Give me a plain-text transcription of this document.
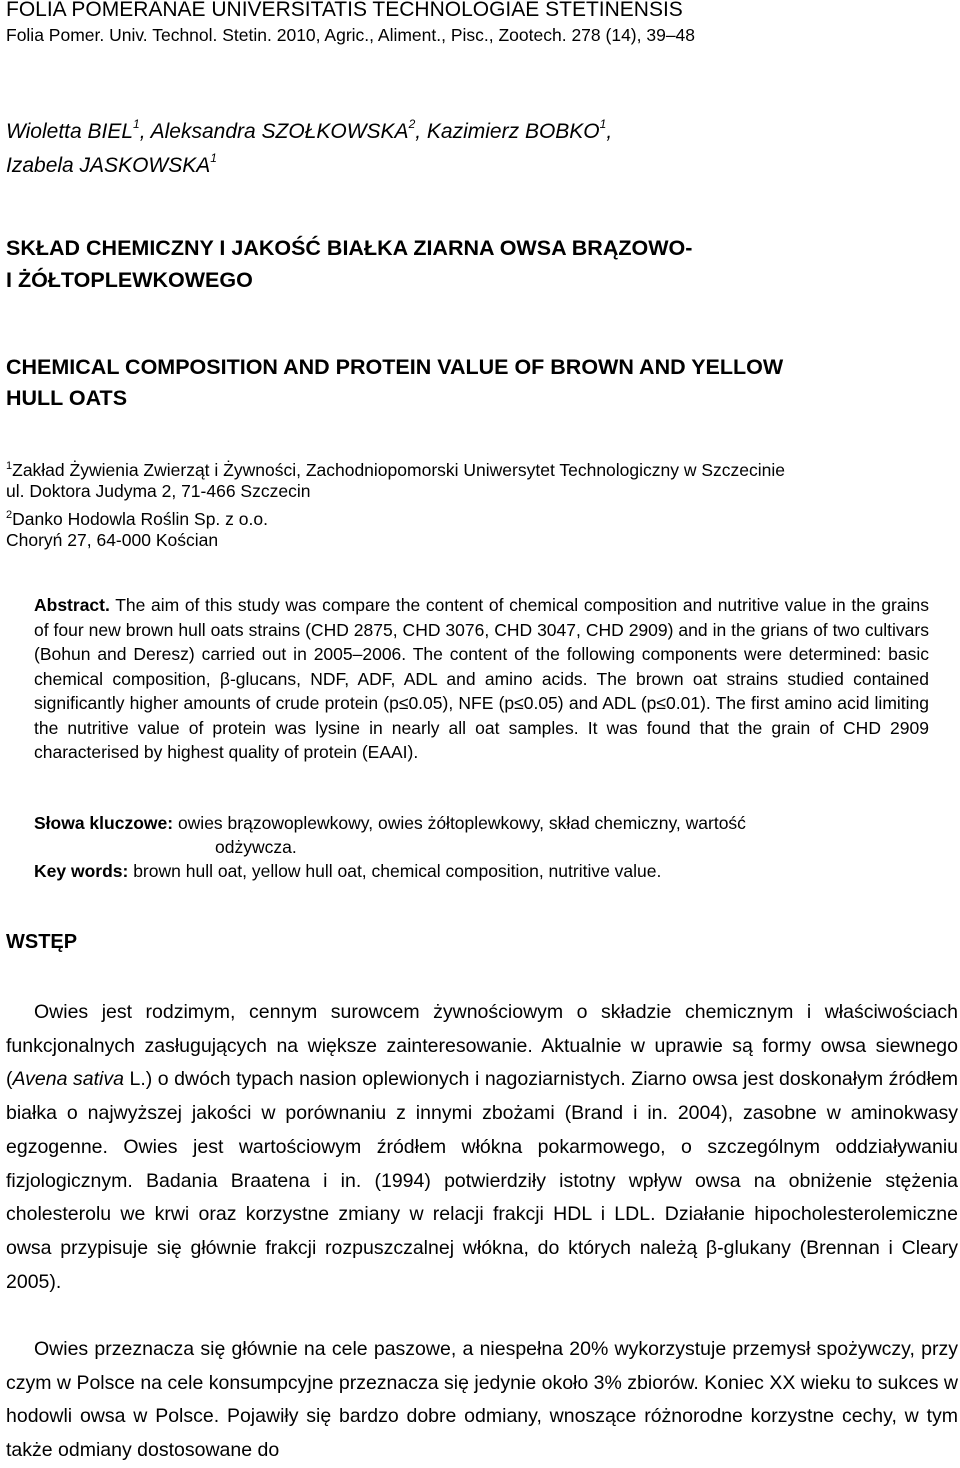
FOLIA POMERANAE UNIVERSITATIS TECHNOLOGIAE STETINENSIS
Folia Pomer. Univ. Technol. Stetin. 2010, Agric., Aliment., Pisc., Zootech. 278 (14), 39–48
Wioletta BIEL$^1$, Aleksandra SZOŁKOWSKA$^2$, Kazimierz BOBKO$^1$,
Izabela JASKOWSKA$^1$
SKŁAD CHEMICZNY I JAKOŚĆ BIAŁKA ZIARNA OWSA BRĄZOWO-
I ŻÓŁTOPLEWKOWEGO
CHEMICAL COMPOSITION AND PROTEIN VALUE OF BROWN AND YELLOW
HULL OATS
$^1$Zakład Żywienia Zwierząt i Żywności, Zachodniopomorski Uniwersytet Technologiczny w Szczecinie
ul. Doktora Judyma 2, 71-466 Szczecin
$^2$Danko Hodowla Roślin Sp. z o.o.
Choryń 27, 64-000 Kościan
Abstract. The aim of this study was compare the content of chemical composition and nutritive value in the grains of four new brown hull oats strains (CHD 2875, CHD 3076, CHD 3047, CHD 2909) and in the grians of two cultivars (Bohun and Deresz) carried out in 2005–2006. The content of the following components were determined: basic chemical composition, β-glucans, NDF, ADF, ADL and amino acids. The brown oat strains studied contained significantly higher amounts of crude protein (p≤0.05), NFE (p≤0.05) and ADL (p≤0.01). The first amino acid limiting the nutritive value of protein was lysine in nearly all oat samples. It was found that the grain of CHD 2909 characterised by highest quality of protein (EAAI).
Słowa kluczowe: owies brązowoplewkowy, owies żółtoplewkowy, skład chemiczny, wartość
odżywcza.
Key words: brown hull oat, yellow hull oat, chemical composition, nutritive value.
WSTĘP
Owies jest rodzimym, cennym surowcem żywnościowym o składzie chemicznym i właściwościach funkcjonalnych zasługujących na większe zainteresowanie. Aktualnie w uprawie są formy owsa siewnego (Avena sativa L.) o dwóch typach nasion oplewionych i nagoziarnistych. Ziarno owsa jest doskonałym źródłem białka o najwyższej jakości w porównaniu z innymi zbożami (Brand i in. 2004), zasobne w aminokwasy egzogenne. Owies jest wartościowym źródłem włókna pokarmowego, o szczególnym oddziaływaniu fizjologicznym. Badania Braatena i in. (1994) potwierdziły istotny wpływ owsa na obniżenie stężenia cholesterolu we krwi oraz korzystne zmiany w relacji frakcji HDL i LDL. Działanie hipocholesterolemiczne owsa przypisuje się głównie frakcji rozpuszczalnej włókna, do których należą β-glukany (Brennan i Cleary 2005).
Owies przeznacza się głównie na cele paszowe, a niespełna 20% wykorzystuje przemysł spożywczy, przy czym w Polsce na cele konsumpcyjne przeznacza się jedynie około 3% zbiorów. Koniec XX wieku to sukces w hodowli owsa w Polsce. Pojawiły się bardzo dobre odmiany, wnoszące różnorodne korzystne cechy, w tym także odmiany dostosowane do
